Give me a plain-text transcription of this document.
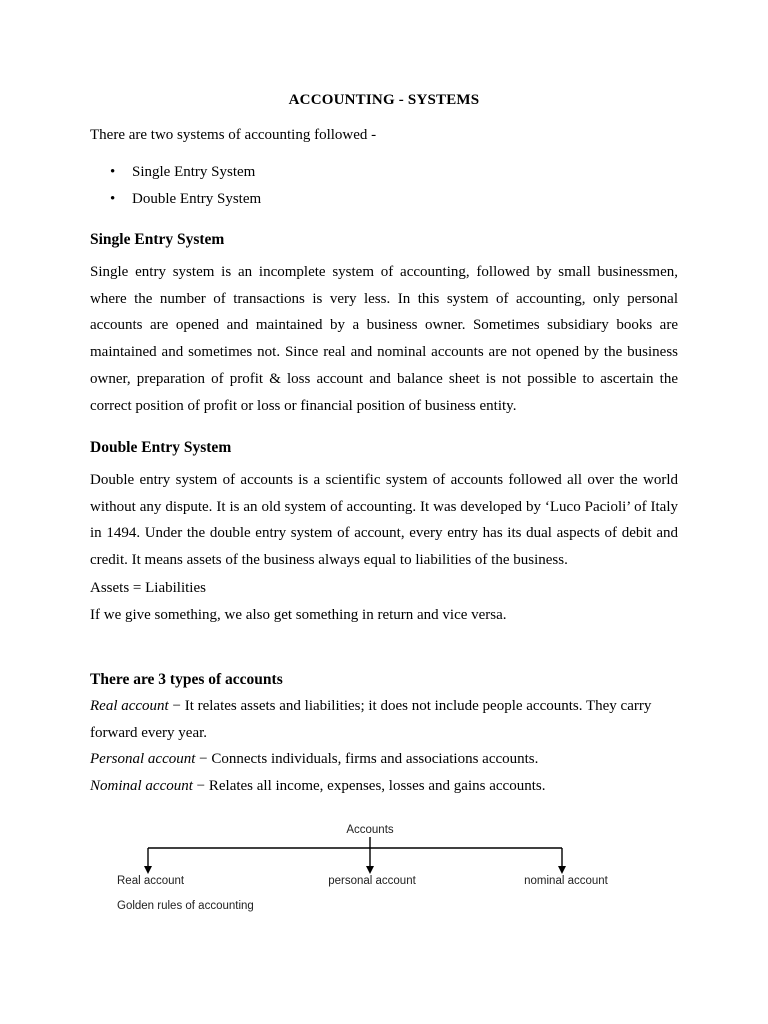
ACCOUNTING - SYSTEMS
There are two systems of accounting followed -
• Single Entry System
• Double Entry System
Single Entry System
Single entry system is an incomplete system of accounting, followed by small businessmen, where the number of transactions is very less. In this system of accounting, only personal accounts are opened and maintained by a business owner. Sometimes subsidiary books are maintained and sometimes not. Since real and nominal accounts are not opened by the business owner, preparation of profit & loss account and balance sheet is not possible to ascertain the correct position of profit or loss or financial position of business entity.
Double Entry System
Double entry system of accounts is a scientific system of accounts followed all over the world without any dispute. It is an old system of accounting. It was developed by ‘Luco Pacioli’ of Italy in 1494. Under the double entry system of account, every entry has its dual aspects of debit and credit. It means assets of the business always equal to liabilities of the business.
Assets = Liabilities
If we give something, we also get something in return and vice versa.
There are 3 types of accounts
Real account − It relates assets and liabilities; it does not include people accounts. They carry forward every year.
Personal account − Connects individuals, firms and associations accounts.
Nominal account − Relates all income, expenses, losses and gains accounts.
Accounts
Real account	personal account	nominal account
Golden rules of accounting
